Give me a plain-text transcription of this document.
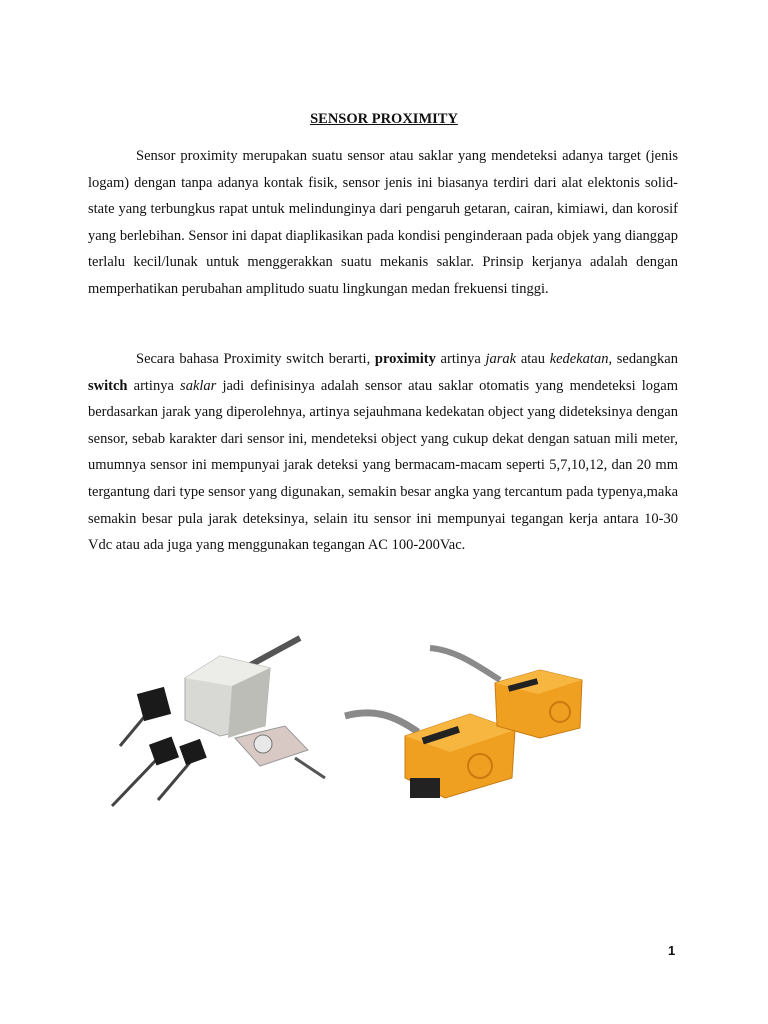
SENSOR PROXIMITY
Sensor proximity merupakan suatu sensor atau saklar yang mendeteksi adanya target (jenis logam) dengan tanpa adanya kontak fisik, sensor jenis ini biasanya terdiri dari alat elektonis solid-state yang terbungkus rapat untuk melindunginya dari pengaruh getaran, cairan, kimiawi, dan korosif yang berlebihan. Sensor ini dapat diaplikasikan pada kondisi penginderaan pada objek yang dianggap terlalu kecil/lunak untuk menggerakkan suatu mekanis saklar. Prinsip kerjanya adalah dengan memperhatikan perubahan amplitudo suatu lingkungan medan frekuensi tinggi.
Secara bahasa Proximity switch berarti, proximity artinya jarak atau kedekatan, sedangkan switch artinya saklar jadi definisinya adalah sensor atau saklar otomatis yang mendeteksi logam berdasarkan jarak yang diperolehnya, artinya sejauhmana kedekatan object yang dideteksinya dengan sensor, sebab karakter dari sensor ini, mendeteksi object yang cukup dekat dengan satuan mili meter, umumnya sensor ini mempunyai jarak deteksi yang bermacam-macam seperti 5,7,10,12, dan 20 mm tergantung dari type sensor yang digunakan, semakin besar angka yang tercantum pada typenya,maka semakin besar pula jarak deteksinya, selain itu sensor ini mempunyai tegangan kerja antara 10-30 Vdc atau ada juga yang menggunakan tegangan AC 100-200Vac.
1
